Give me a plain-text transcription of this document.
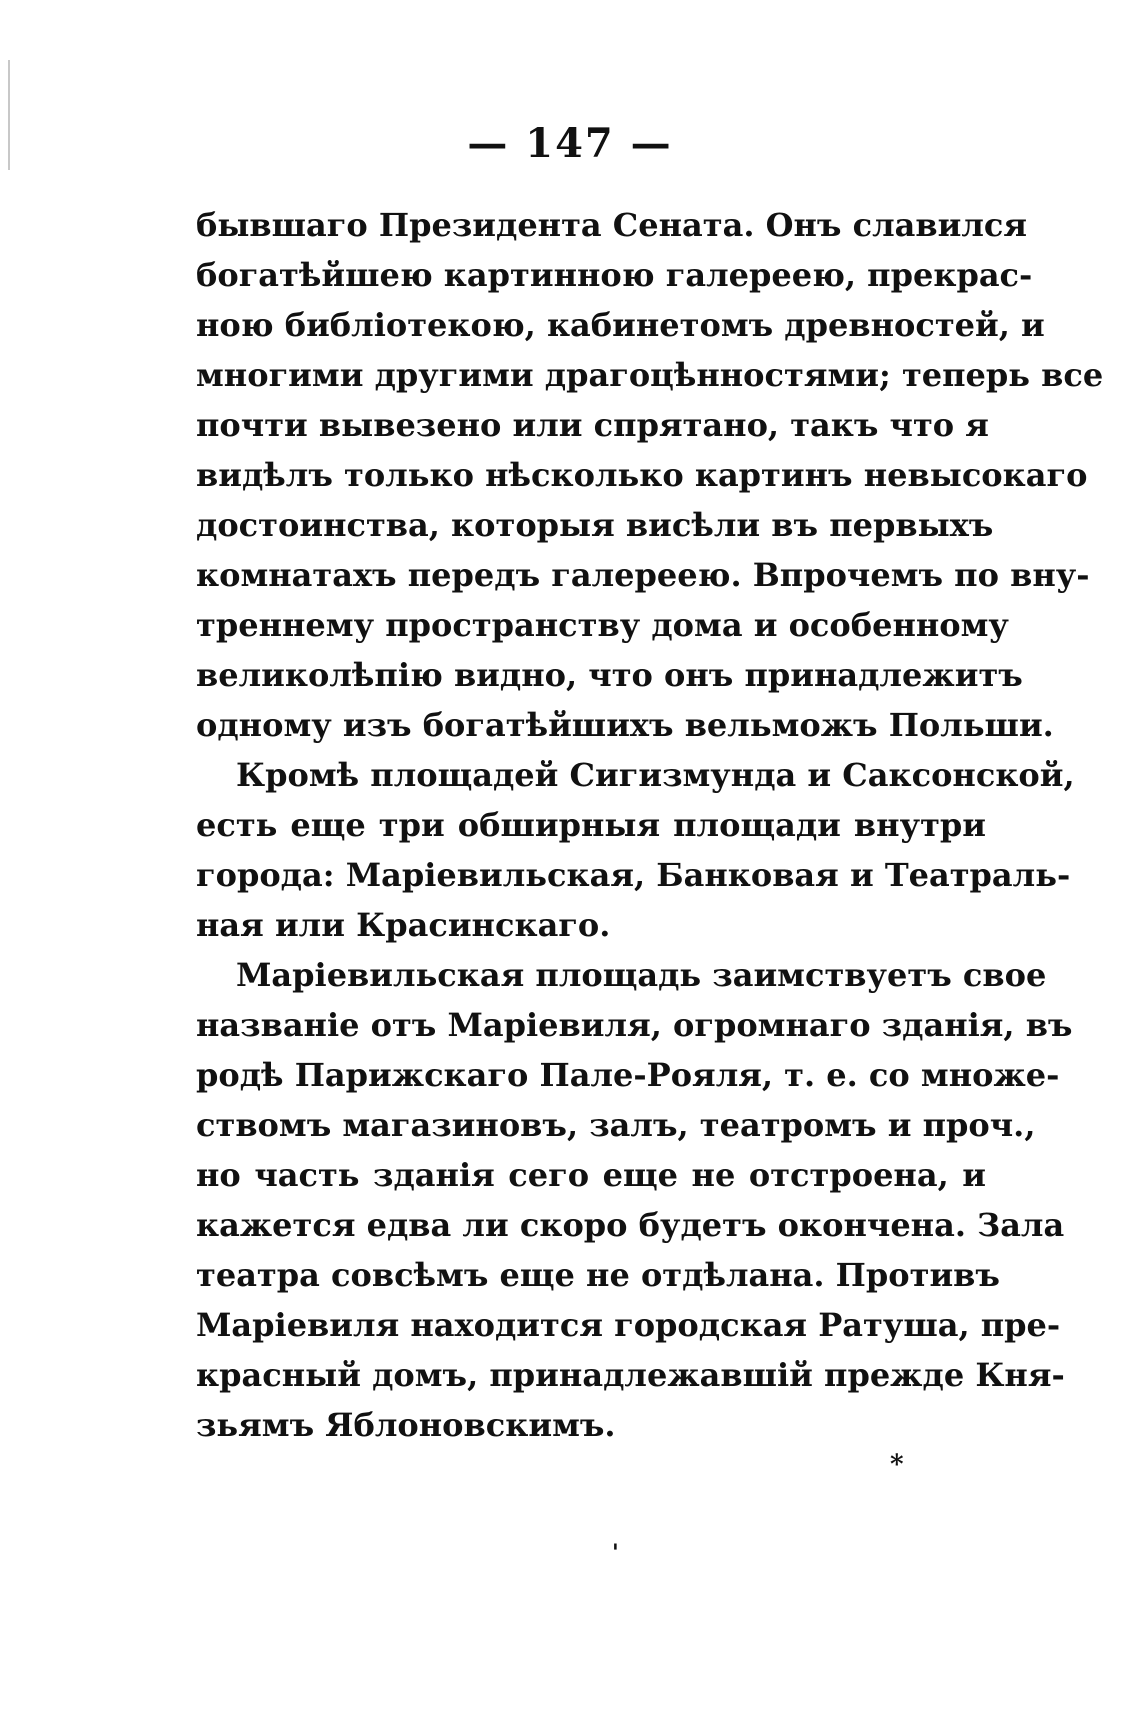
— 147 —
бывшаго Президента Сената. Онъ славился
богатѣйшею картинною галереею, прекрас-
ною библіотекою, кабинетомъ древностей, и
многими другими драгоцѣнностями; теперь все
почти вывезено или спрятано, такъ что я
видѣлъ только нѣсколько картинъ невысокаго
достоинства, которыя висѣли въ первыхъ
комнатахъ передъ галереею. Впрочемъ по вну-
треннему пространству дома и особенному
великолѣпію видно, что онъ принадлежитъ
одному изъ богатѣйшихъ вельможъ Польши.
Кромѣ площадей Сигизмунда и Саксонской,
есть еще три обширныя площади внутри
города: Маріевильская, Банковая и Театраль-
ная или Красинскаго.
Маріевильская площадь заимствуетъ свое
названіе отъ Маріевиля, огромнаго зданія, въ
родѣ Парижскаго Пале-Рояля, т. е. со множе-
ствомъ магазиновъ, залъ, театромъ и проч.,
но часть зданія сего еще не отстроена, и
кажется едва ли скоро будетъ окончена. Зала
театра совсѣмъ еще не отдѣлана. Противъ
Маріевиля находится городская Ратуша, пре-
красный домъ, принадлежавшій прежде Кня-
зьямъ Яблоновскимъ.
*
'
